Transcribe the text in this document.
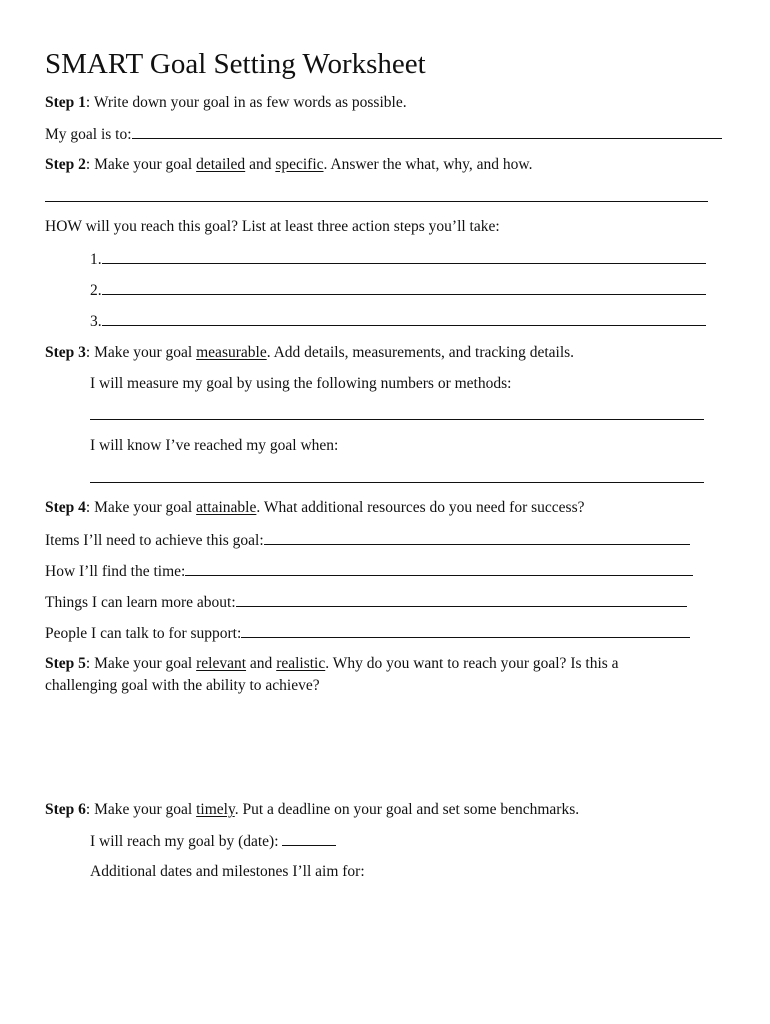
SMART Goal Setting Worksheet
Step 1: Write down your goal in as few words as possible.
My goal is to:
Step 2: Make your goal detailed and specific. Answer the what, why, and how.
HOW will you reach this goal? List at least three action steps you’ll take:
1.
2.
3.
Step 3: Make your goal measurable. Add details, measurements, and tracking details.
I will measure my goal by using the following numbers or methods:
I will know I’ve reached my goal when:
Step 4: Make your goal attainable. What additional resources do you need for success?
Items I’ll need to achieve this goal:
How I’ll find the time:
Things I can learn more about:
People I can talk to for support:
Step 5: Make your goal relevant and realistic. Why do you want to reach your goal? Is this a
challenging goal with the ability to achieve?
Step 6: Make your goal timely. Put a deadline on your goal and set some benchmarks.
I will reach my goal by (date):
Additional dates and milestones I’ll aim for:
